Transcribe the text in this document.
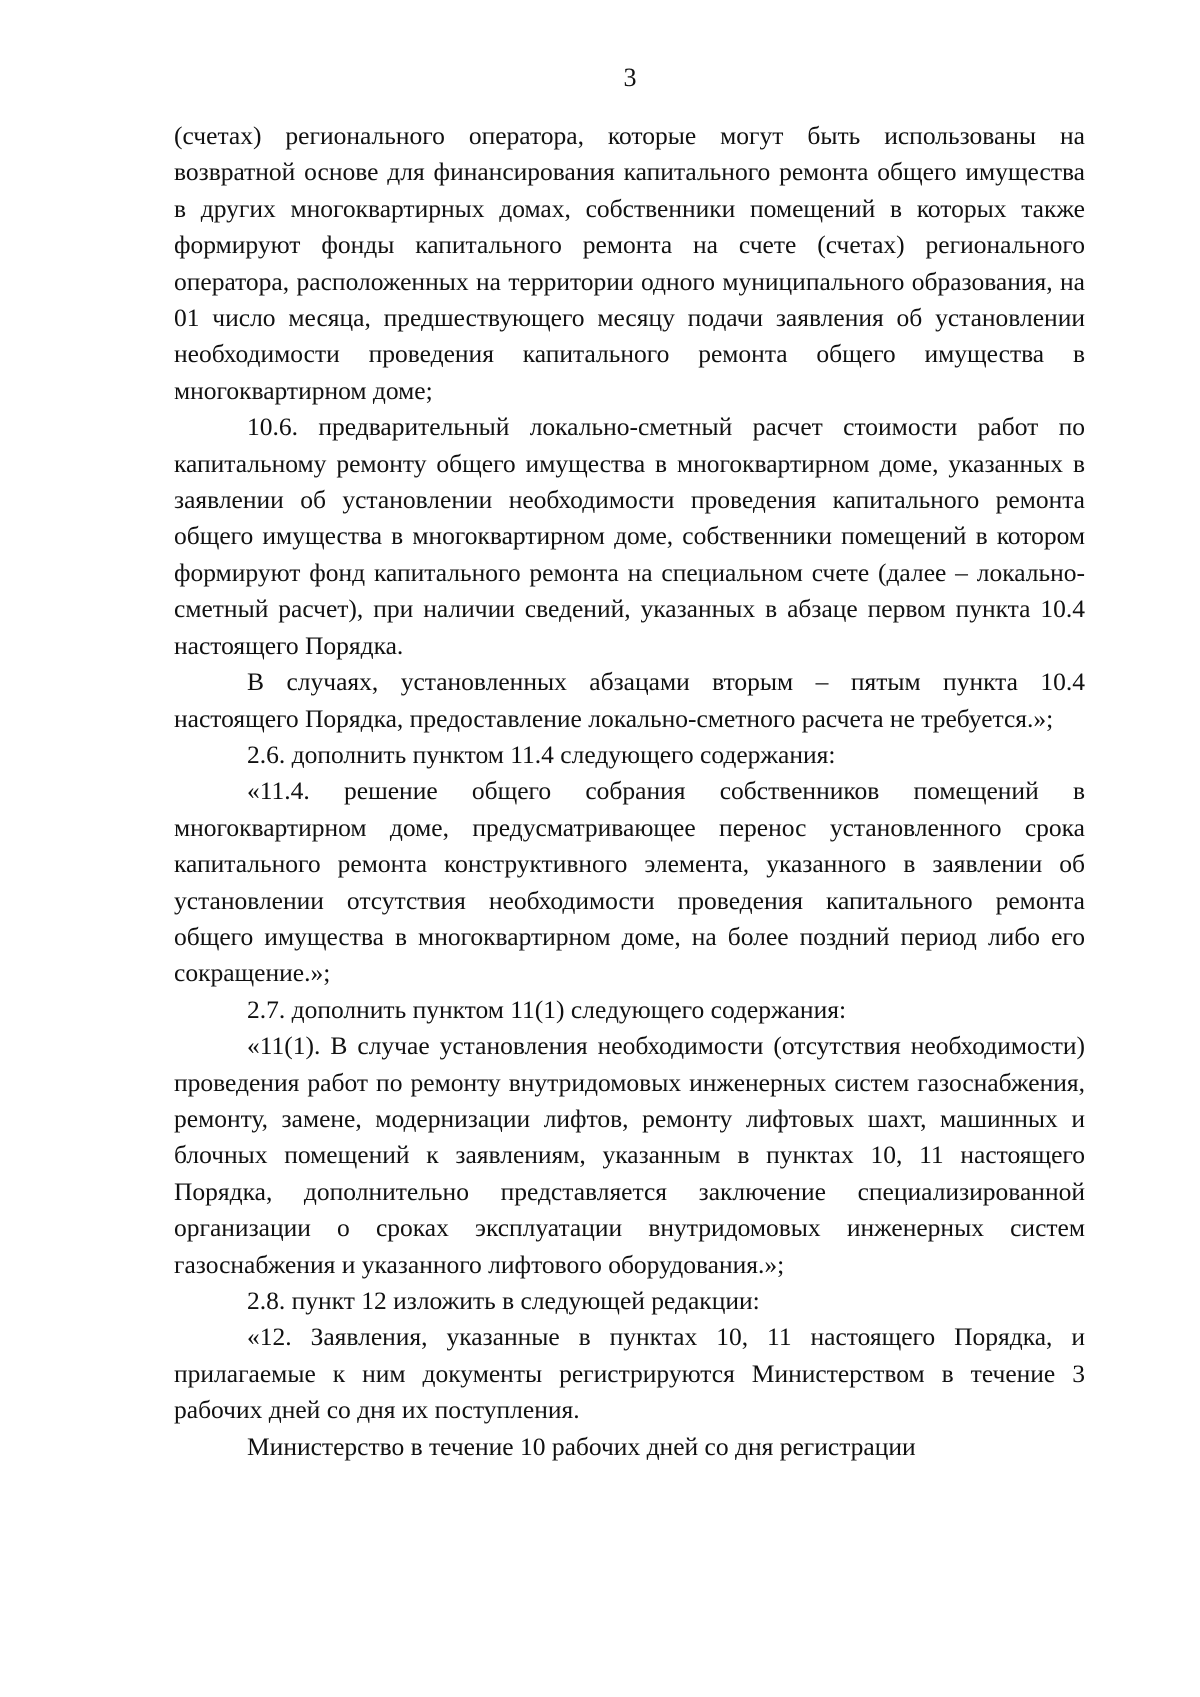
3

(счетах) регионального оператора, которые могут быть использованы на возвратной основе для финансирования капитального ремонта общего имущества в других многоквартирных домах, собственники помещений в которых также формируют фонды капитального ремонта на счете (счетах) регионального оператора, расположенных на территории одного муниципального образования, на 01 число месяца, предшествующего месяцу подачи заявления об установлении необходимости проведения капитального ремонта общего имущества в многоквартирном доме;

10.6. предварительный локально-сметный расчет стоимости работ по капитальному ремонту общего имущества в многоквартирном доме, указанных в заявлении об установлении необходимости проведения капитального ремонта общего имущества в многоквартирном доме, собственники помещений в котором формируют фонд капитального ремонта на специальном счете (далее – локально-сметный расчет), при наличии сведений, указанных в абзаце первом пункта 10.4 настоящего Порядка.

В случаях, установленных абзацами вторым – пятым пункта 10.4 настоящего Порядка, предоставление локально-сметного расчета не требуется.»;

2.6. дополнить пунктом 11.4 следующего содержания:

«11.4. решение общего собрания собственников помещений в многоквартирном доме, предусматривающее перенос установленного срока капитального ремонта конструктивного элемента, указанного в заявлении об установлении отсутствия необходимости проведения капитального ремонта общего имущества в многоквартирном доме, на более поздний период либо его сокращение.»;

2.7. дополнить пунктом 11(1) следующего содержания:

«11(1). В случае установления необходимости (отсутствия необходимости) проведения работ по ремонту внутридомовых инженерных систем газоснабжения, ремонту, замене, модернизации лифтов, ремонту лифтовых шахт, машинных и блочных помещений к заявлениям, указанным в пунктах 10, 11 настоящего Порядка, дополнительно представляется заключение специализированной организации о сроках эксплуатации внутридомовых инженерных систем газоснабжения и указанного лифтового оборудования.»;

2.8. пункт 12 изложить в следующей редакции:

«12. Заявления, указанные в пунктах 10, 11 настоящего Порядка, и прилагаемые к ним документы регистрируются Министерством в течение 3 рабочих дней со дня их поступления.

Министерство в течение 10 рабочих дней со дня регистрации
